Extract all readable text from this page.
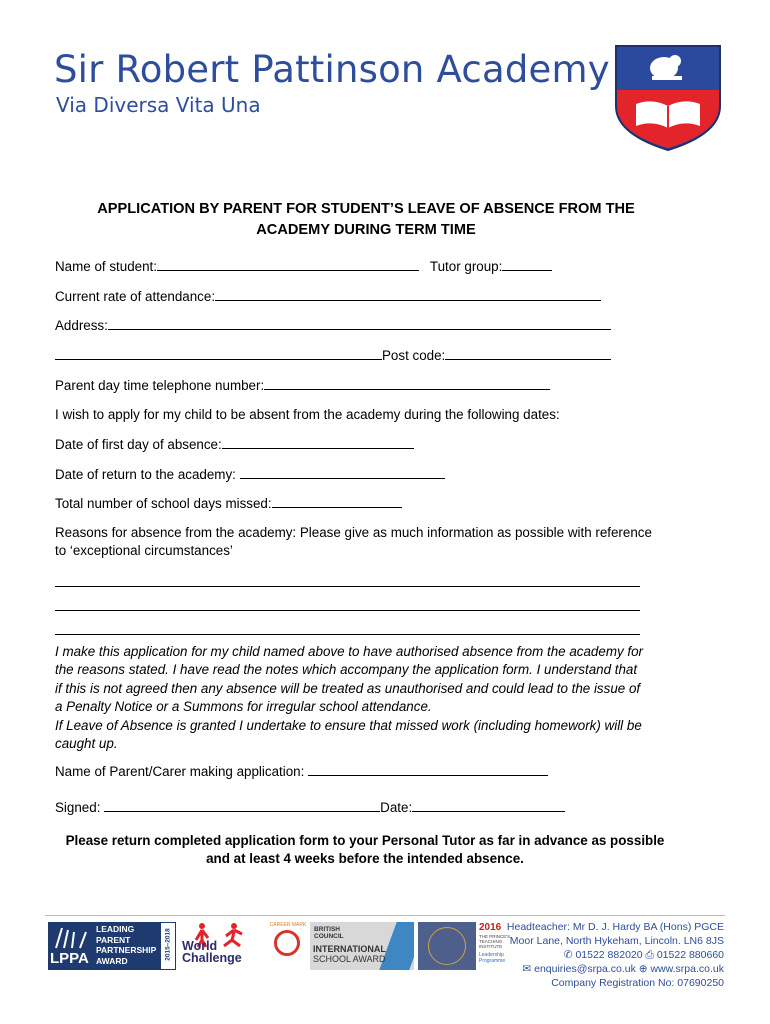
Sir Robert Pattinson Academy
Via Diversa Vita Una
APPLICATION BY PARENT FOR STUDENT’S LEAVE OF ABSENCE FROM THE
ACADEMY DURING TERM TIME
Name of student:	Tutor group:
Current rate of attendance:
Address:
Post code:
Parent day time telephone number:
I wish to apply for my child to be absent from the academy during the following dates:
Date of first day of absence:
Date of return to the academy:
Total number of school days missed:
Reasons for absence from the academy: Please give as much information as possible with reference
to ‘exceptional circumstances’
I make this application for my child named above to have authorised absence from the academy for
the reasons stated. I have read the notes which accompany the application form. I understand that
if this is not agreed then any absence will be treated as unauthorised and could lead to the issue of
a Penalty Notice or a Summons for irregular school attendance.
If Leave of Absence is granted I undertake to ensure that missed work (including homework) will be
caught up.
Name of Parent/Carer making application:
Signed:	Date:
Please return completed application form to your Personal Tutor as far in advance as possible
and at least 4 weeks before the intended absence.
LPPA
LEADING
PARENT
PARTNERSHIP
AWARD	2015–2018 World
Challenge
CAREER MARK
BRITISH
COUNCIL
INTERNATIONAL
SCHOOL AWARD
2016
THE PRINCE'S
TEACHING
INSTITUTE
Leadership
Programme
Headteacher: Mr D. J. Hardy BA (Hons) PGCE
Moor Lane, North Hykeham, Lincoln. LN6 8JS
✆ 01522 882020 ⎙ 01522 880660
✉ enquiries@srpa.co.uk ⊕ www.srpa.co.uk
Company Registration No: 07690250
